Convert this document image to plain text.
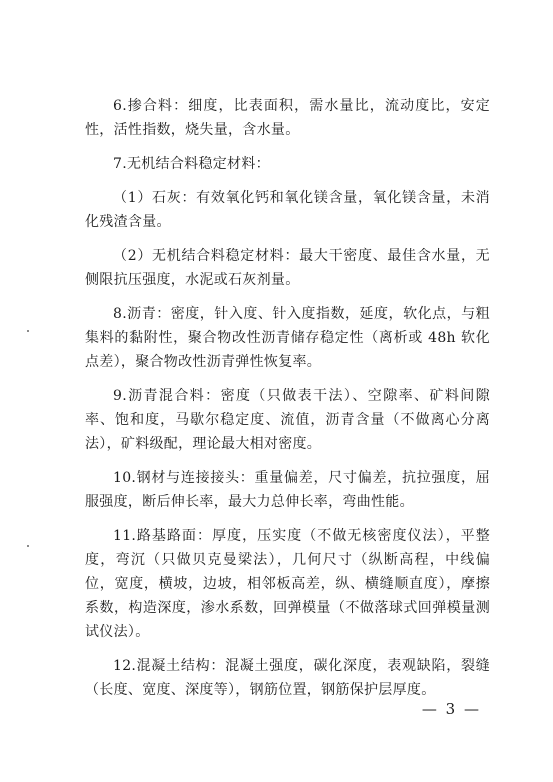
6.掺合料：细度，比表面积，需水量比，流动度比，安定性，活性指数，烧失量，含水量。

7.无机结合料稳定材料：

（1）石灰：有效氧化钙和氧化镁含量，氧化镁含量，未消化残渣含量。

（2）无机结合料稳定材料：最大干密度、最佳含水量，无侧限抗压强度，水泥或石灰剂量。

8.沥青：密度，针入度、针入度指数，延度，软化点，与粗集料的黏附性，聚合物改性沥青储存稳定性（离析或 48h 软化点差），聚合物改性沥青弹性恢复率。

9.沥青混合料：密度（只做表干法）、空隙率、矿料间隙率、饱和度，马歇尔稳定度、流值，沥青含量（不做离心分离法），矿料级配，理论最大相对密度。

10.钢材与连接接头：重量偏差，尺寸偏差，抗拉强度，屈服强度，断后伸长率，最大力总伸长率，弯曲性能。

11.路基路面：厚度，压实度（不做无核密度仪法），平整度，弯沉（只做贝克曼梁法），几何尺寸（纵断高程，中线偏位，宽度，横坡，边坡，相邻板高差，纵、横缝顺直度），摩擦系数，构造深度，渗水系数，回弹模量（不做落球式回弹模量测试仪法）。

12.混凝土结构：混凝土强度，碳化深度，表观缺陷，裂缝（长度、宽度、深度等），钢筋位置，钢筋保护层厚度。

— 3 —
